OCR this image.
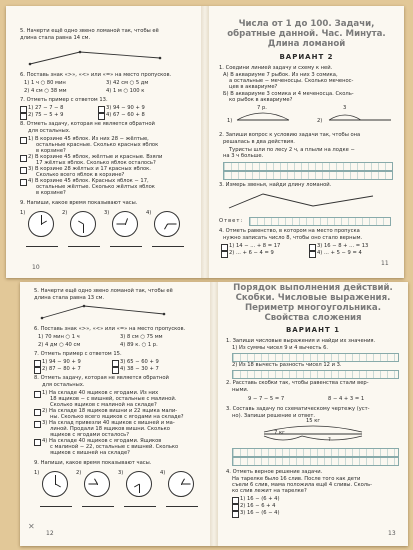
5. Начерти ещё одно звено ломаной так, чтобы её
длина стала равна 14 см.
6. Поставь знак «>», «<» или «=» на место пропусков.
1) 1 ч ○ 80 мин	3) 42 см ○ 5 дм
2) 4 см ○ 38 мм	4) 1 м ○ 100 к
7. Отметь пример с ответом 13.
1) 27 − 7 − 8	3) 94 − 90 + 9
2) 75 − 5 + 9	4) 67 − 60 + 8
8. Отметь задачу, которая не является обратной
для остальных.
1) В корзине 45 яблок. Из них 28 − жёлтые,
остальные красные. Сколько красных яблок
в корзине?
2) В корзине 45 яблок, жёлтые и красные. Взяли
17 жёлтых яблок. Сколько яблок осталось?
3) В корзине 28 жёлтых и 17 красных яблок.
Сколько всего яблок в корзине?
4) В корзине 45 яблок. Красных яблок − 17,
остальные жёлтые. Сколько жёлтых яблок
в корзине?
9. Напиши, какое время показывают часы.
1)	2)	3)	4)
10
Числа от 1 до 100. Задачи,
обратные данной. Час. Минута.
Длина ломаной
ВАРИАНТ 2
1. Соедини линией задачу и схему к ней.
А) В аквариуме 7 рыбок. Из них 3 сомика,
а остальные − меченосцы. Сколько меченос-
цев в аквариуме?
Б) В аквариуме 3 сомика и 4 меченосца. Сколь-
ко рыбок в аквариуме?
1)
7 р.
2)
3
2. Запиши вопрос к условию задачи так, чтобы она
решалась в два действия.
Туристы шли по лесу 2 ч, а плыли на лодке −
на 3 ч больше.
3. Измерь звенья, найди длину ломаной.
Ответ:
4. Отметь равенство, в котором на место пропуска
нужно записать число 8, чтобы оно стало верным.
1) 14 − ... + 8 = 17	3) 16 − 8 + ... = 13
2) ... + 6 − 4 = 9	4) ... + 5 − 9 = 4
11
5. Начерти ещё одно звено ломаной так, чтобы её
длина стала равна 13 см.
6. Поставь знак «>», «<» или «=» на место пропусков.
1) 70 мин ○ 1 ч	3) 8 см ○ 75 мм
2) 4 дм ○ 40 см	4) 89 к. ○ 1 р.
7. Отметь пример с ответом 15.
1) 94 − 90 + 9	3) 65 − 60 + 9
2) 87 − 80 + 7	4) 38 − 30 + 7
8. Отметь задачу, которая не является обратной
для остальных.
1) На складе 40 ящиков с ягодами. Из них
18 ящиков − с вишней, остальные с малиной.
Сколько ящиков с малиной на складе?
2) На складе 18 ящиков вишни и 22 ящика мали-
ны. Сколько всего ящиков с ягодами на складе?
3) На склад привезли 40 ящиков с вишней и ма-
линой. Продали 18 ящиков вишни. Сколько
ящиков с ягодами осталось?
4) На складе 40 ящиков с ягодами. Ящиков
с малиной − 22, остальные с вишней. Сколько
ящиков с вишней на складе?
9. Напиши, какое время показывают часы.
1)	2)	3)	4)
✕
12
Порядок выполнения действий.
Скобки. Числовые выражения.
Периметр многоугольника.
Свойства сложения
ВАРИАНТ 1
1. Запиши числовые выражения и найди их значения.
1) Из суммы чисел 9 и 4 вычесть 6.
2) Из 18 вычесть разность чисел 12 и 3.
2. Расставь скобки так, чтобы равенства стали вер-
ными.
9 − 7 − 5 = 7	8 − 4 + 3 = 1
3. Составь задачу по схематическому чертежу (уст-
но). Запиши решение и ответ.
15 кг
7 кг
?
4. Отметь верное решение задачи.
На тарелке было 16 слив. После того как дети
съели 6 слив, мама положила ещё 4 сливы. Сколь-
ко слив лежит на тарелке?
1) 16 − (6 + 4)
2) 16 − 6 + 4
3) 16 − (6 − 4)
13
